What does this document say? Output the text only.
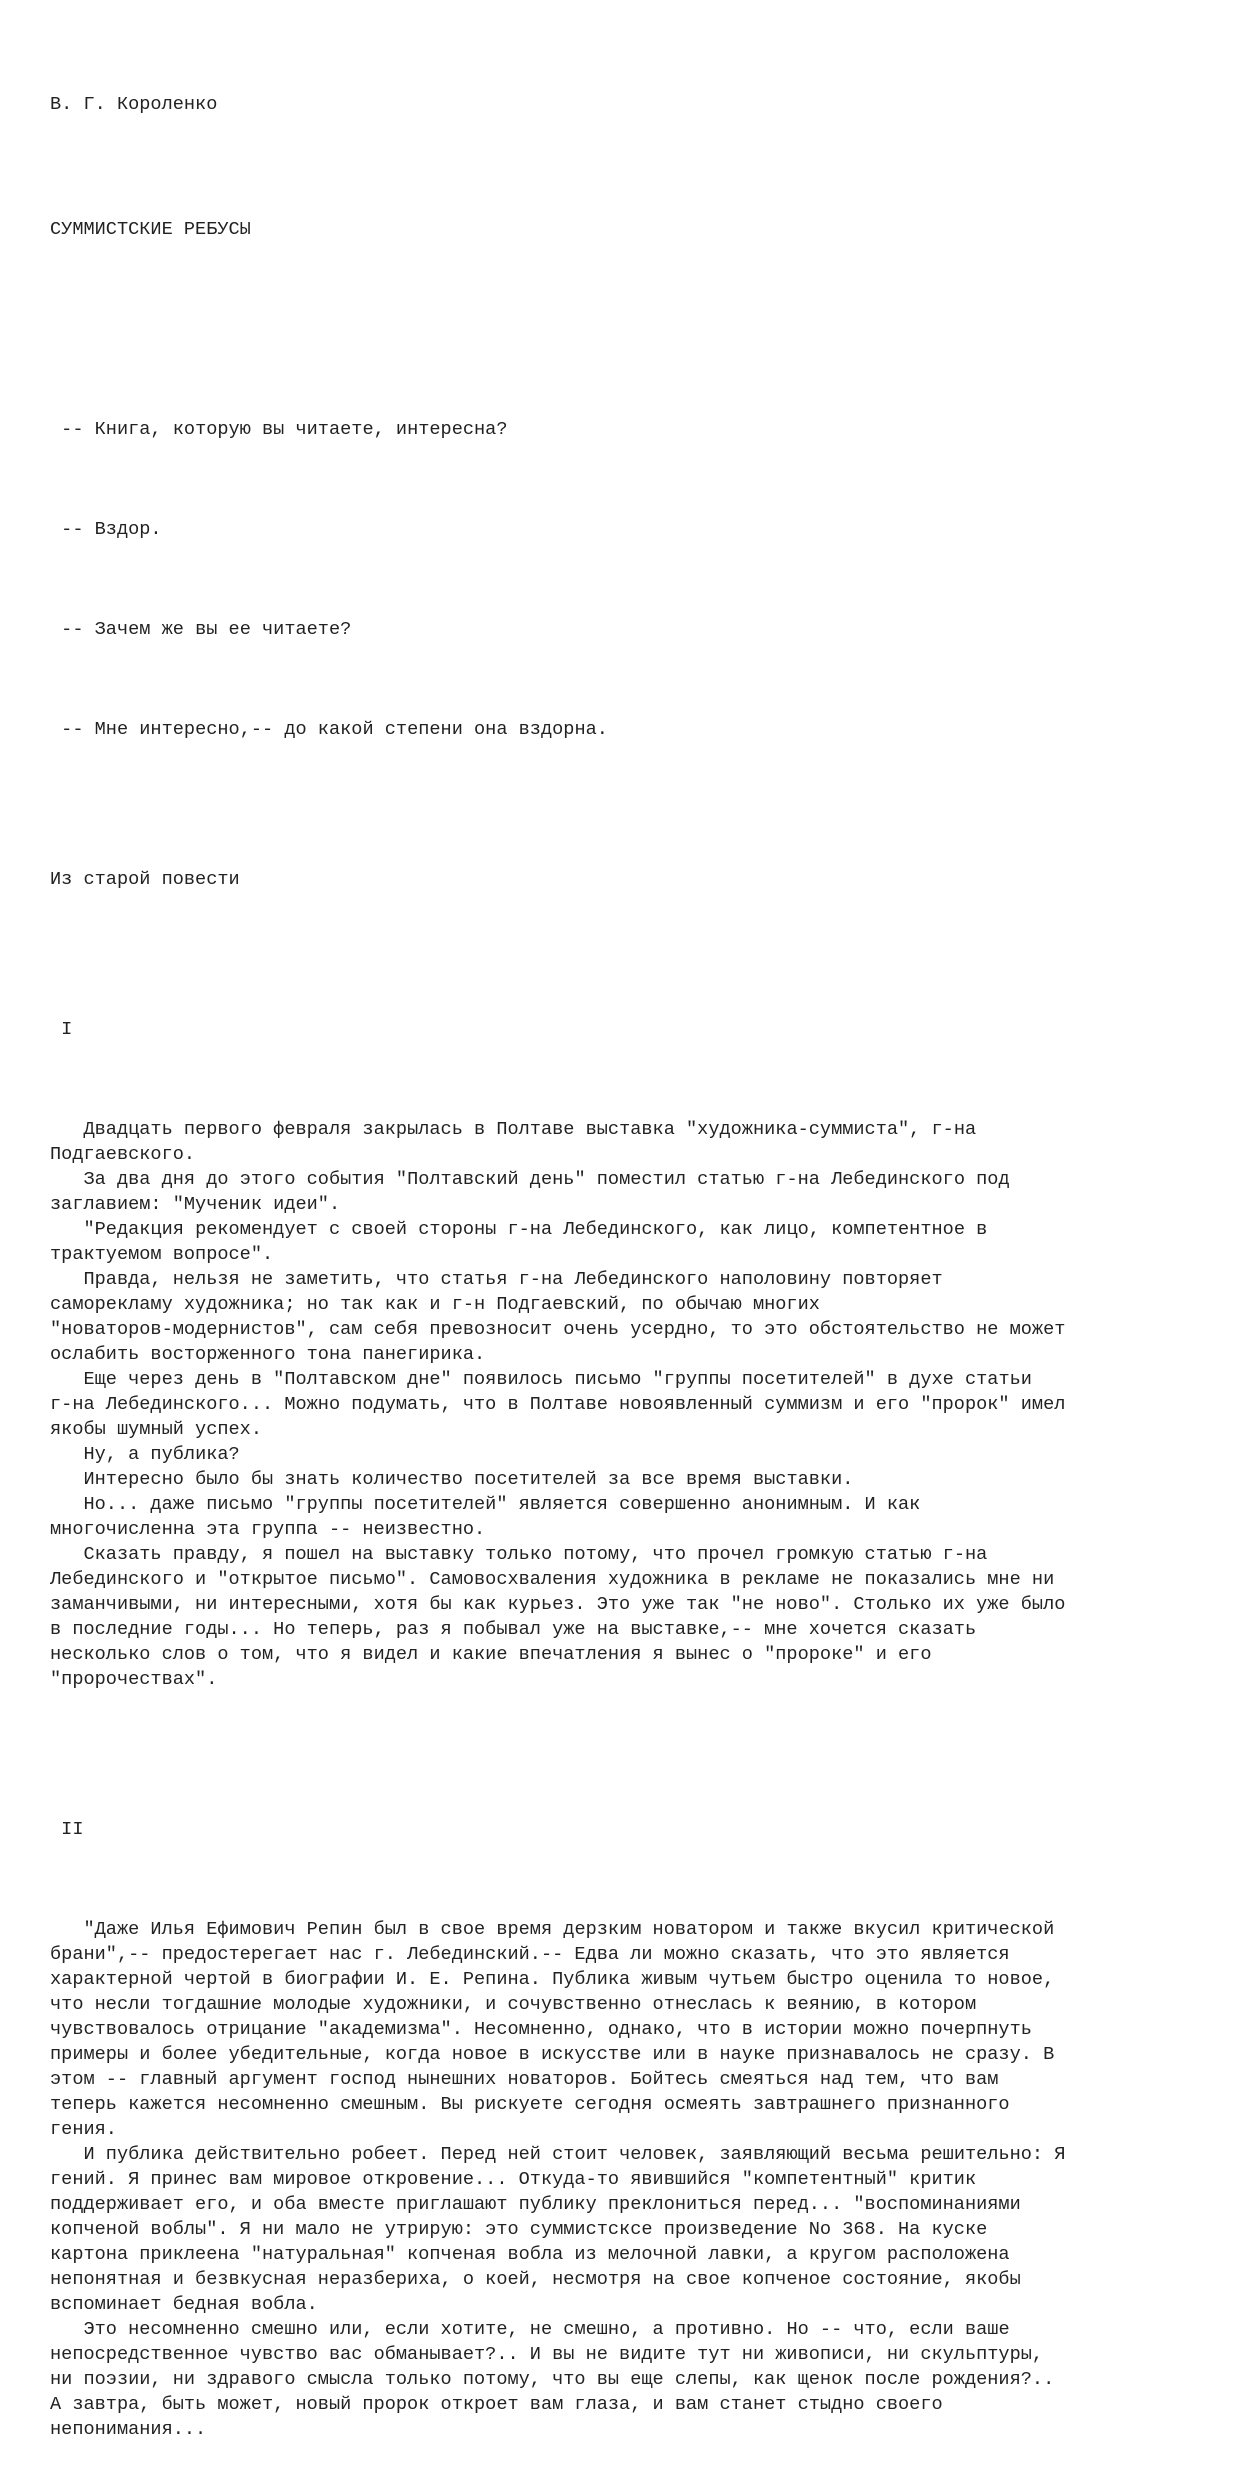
В. Г. Короленко

СУММИСТСКИЕ РЕБУСЫ

-- Книга, которую вы читаете, интересна?

-- Вздор.

-- Зачем же вы ее читаете?

-- Мне интересно,-- до какой степени она вздорна.

Из старой повести

I

Двадцать первого февраля закрылась в Полтаве выставка "художника-суммиста", г-на
Подгаевского.
За два дня до этого события "Полтавский день" поместил статью г-на Лебединского под
заглавием: "Мученик идеи".
"Редакция рекомендует с своей стороны г-на Лебединского, как лицо, компетентное в
трактуемом вопросе".
Правда, нельзя не заметить, что статья г-на Лебединского наполовину повторяет
саморекламу художника; но так как и г-н Подгаевский, по обычаю многих
"новаторов-модернистов", сам себя превозносит очень усердно, то это обстоятельство не может
ослабить восторженного тона панегирика.
Еще через день в "Полтавском дне" появилось письмо "группы посетителей" в духе статьи
г-на Лебединского... Можно подумать, что в Полтаве новоявленный суммизм и его "пророк" имел
якобы шумный успех.
Ну, а публика?
Интересно было бы знать количество посетителей за все время выставки.
Но... даже письмо "группы посетителей" является совершенно анонимным. И как
многочисленна эта группа -- неизвестно.
Сказать правду, я пошел на выставку только потому, что прочел громкую статью г-на
Лебединского и "открытое письмо". Самовосхваления художника в рекламе не показались мне ни
заманчивыми, ни интересными, хотя бы как курьез. Это уже так "не ново". Столько их уже было
в последние годы... Но теперь, раз я побывал уже на выставке,-- мне хочется сказать
несколько слов о том, что я видел и какие впечатления я вынес о "пророке" и его
"пророчествах".

II

"Даже Илья Ефимович Репин был в свое время дерзким новатором и также вкусил критической
брани",-- предостерегает нас г. Лебединский.-- Едва ли можно сказать, что это является
характерной чертой в биографии И. Е. Репина. Публика живым чутьем быстро оценила то новое,
что несли тогдашние молодые художники, и сочувственно отнеслась к веянию, в котором
чувствовалось отрицание "академизма". Несомненно, однако, что в истории можно почерпнуть
примеры и более убедительные, когда новое в искусстве или в науке признавалось не сразу. В
этом -- главный аргумент господ нынешних новаторов. Бойтесь смеяться над тем, что вам
теперь кажется несомненно смешным. Вы рискуете сегодня осмеять завтрашнего признанного
гения.
И публика действительно робеет. Перед ней стоит человек, заявляющий весьма решительно: Я
гений. Я принес вам мировое откровение... Откуда-то явившийся "компетентный" критик
поддерживает его, и оба вместе приглашают публику преклониться перед... "воспоминаниями
копченой воблы". Я ни мало не утрирую: это суммистсксе произведение No 368. На куске
картона приклеена "натуральная" копченая вобла из мелочной лавки, а кругом расположена
непонятная и безвкусная неразбериха, о коей, несмотря на свое копченое состояние, якобы
вспоминает бедная вобла.
Это несомненно смешно или, если хотите, не смешно, а противно. Но -- что, если ваше
непосредственное чувство вас обманывает?.. И вы не видите тут ни живописи, ни скульптуры,
ни поэзии, ни здравого смысла только потому, что вы еще слепы, как щенок после рождения?..
А завтра, быть может, новый пророк откроет вам глаза, и вам станет стыдно своего
непонимания...
